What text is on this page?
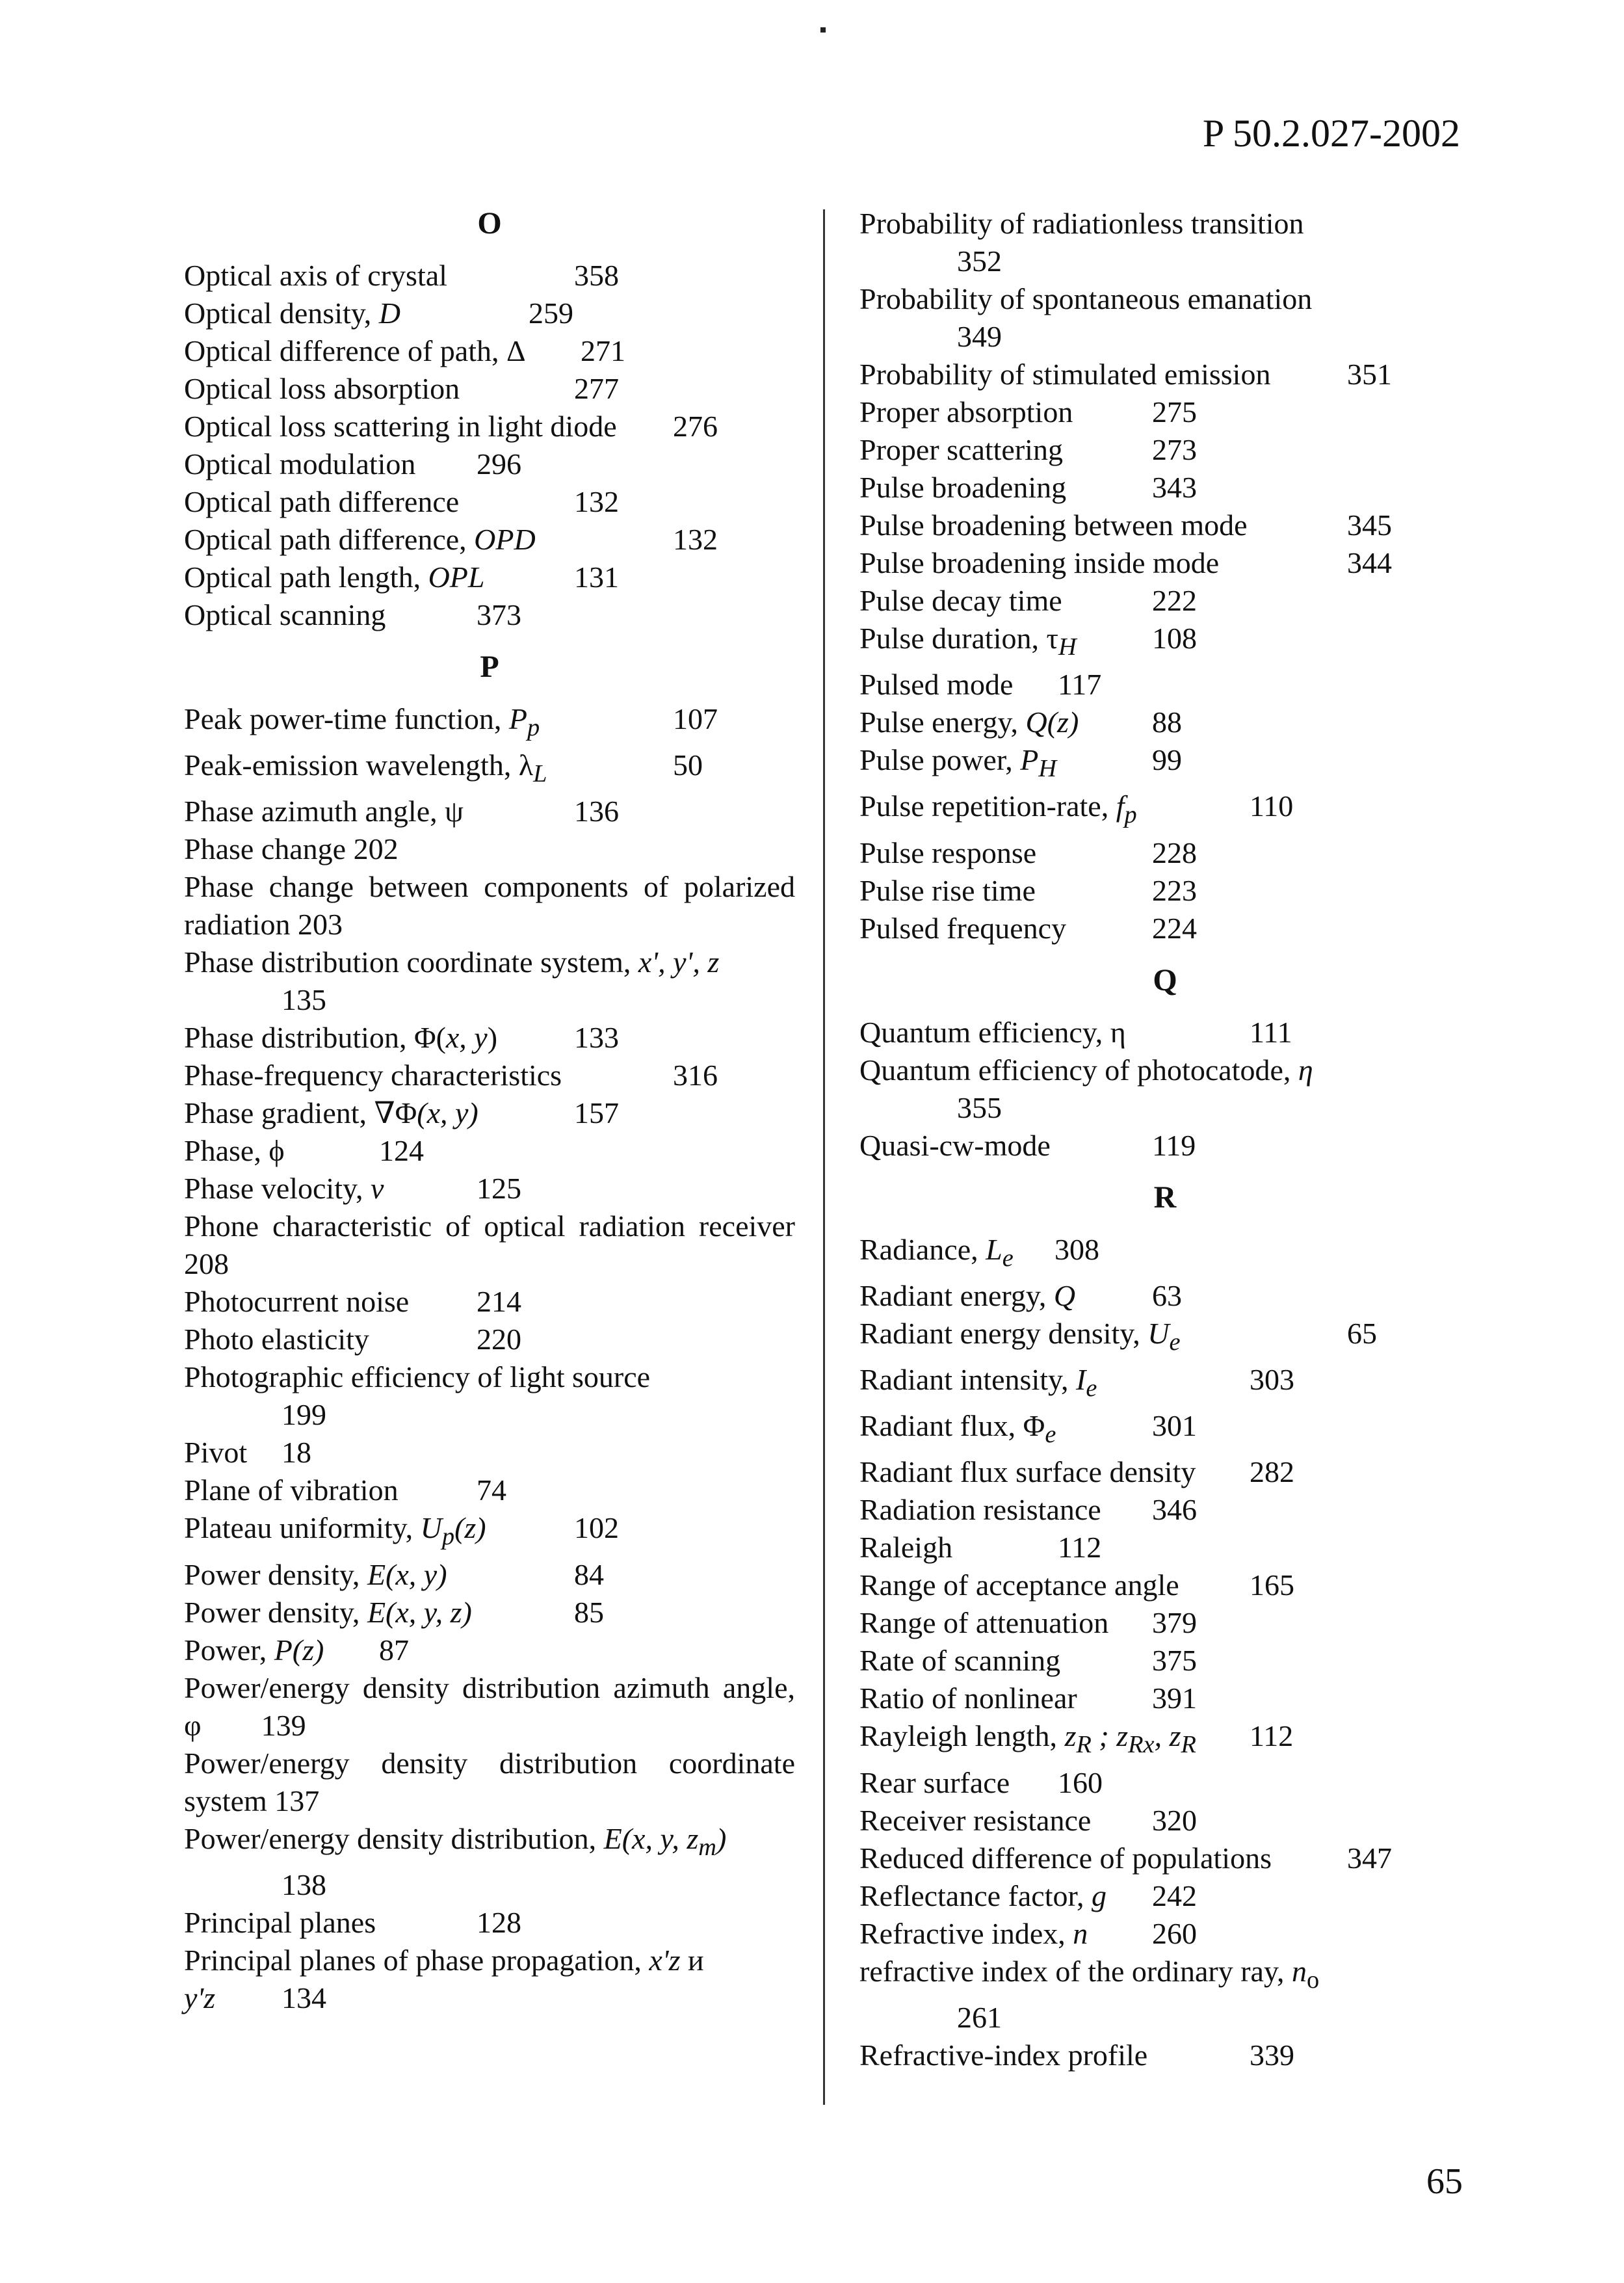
P 50.2.027-2002
O
Optical axis of crystal	358
Optical density, D	259
Optical difference of path, Δ 271
Optical loss absorption	277
Optical loss scattering in light diode 276
Optical modulation 296
Optical path difference	132
Optical path difference, OPD	132
Optical path length, OPL	131
Optical scanning	373
P
Peak power-time function, $P_p$	107
Peak-emission wavelength, $\lambda_L$	50
Phase azimuth angle, ψ	136
Phase change 202
Phase change between components of polarized radiation 203
Phase distribution coordinate system, x', y', z
135
Phase distribution, Φ(x, y)	133
Phase-frequency characteristics	316
Phase gradient, ∇Φ(x, y)	157
Phase, ϕ	124
Phase velocity, v	125
Phone characteristic of optical radiation receiver 208
Photocurrent noise 214
Photo elasticity	220
Photographic efficiency of light source
199
Pivot 18
Plane of vibration	74
Plateau uniformity, $U_p(z)$	102
Power density, E(x, y)	84
Power density, E(x, y, z)	85
Power, P(z) 87
Power/energy density distribution azimuth angle, φ 139
Power/energy density distribution coordinate system 137
Power/energy density distribution, E(x, y, $z_m$)
138
Principal planes	128
Principal planes of phase propagation, x'z и
y'z 134
Probability of radiationless transition
352
Probability of spontaneous emanation
349
Probability of stimulated emission	351
Proper absorption	275
Proper scattering	273
Pulse broadening	343
Pulse broadening between mode	345
Pulse broadening inside mode	344
Pulse decay time	222
Pulse duration, $\tau_H$	108
Pulsed mode 117
Pulse energy, Q(z) 88
Pulse power, $P_H$	99
Pulse repetition-rate, $f_p$	110
Pulse response	228
Pulse rise time	223
Pulsed frequency	224
Q
Quantum efficiency, η	111
Quantum efficiency of photocatode, η
355
Quasi-cw-mode	119
R
Radiance, $L_e$ 308
Radiant energy, Q	63
Radiant energy density, $U_e$	65
Radiant intensity, $I_e$	303
Radiant flux, $\Phi_e$	301
Radiant flux surface density 282
Radiation resistance 346
Raleigh	112
Range of acceptance angle 165
Range of attenuation 379
Rate of scanning	375
Ratio of nonlinear	391
Rayleigh length, $z_R$ ; $z_{Rx}$, $z_R$ 112
Rear surface 160
Receiver resistance 320
Reduced difference of populations	347
Reflectance factor, g 242
Refractive index, n 260
refractive index of the ordinary ray, $n_o$
261
Refractive-index profile	339
65
